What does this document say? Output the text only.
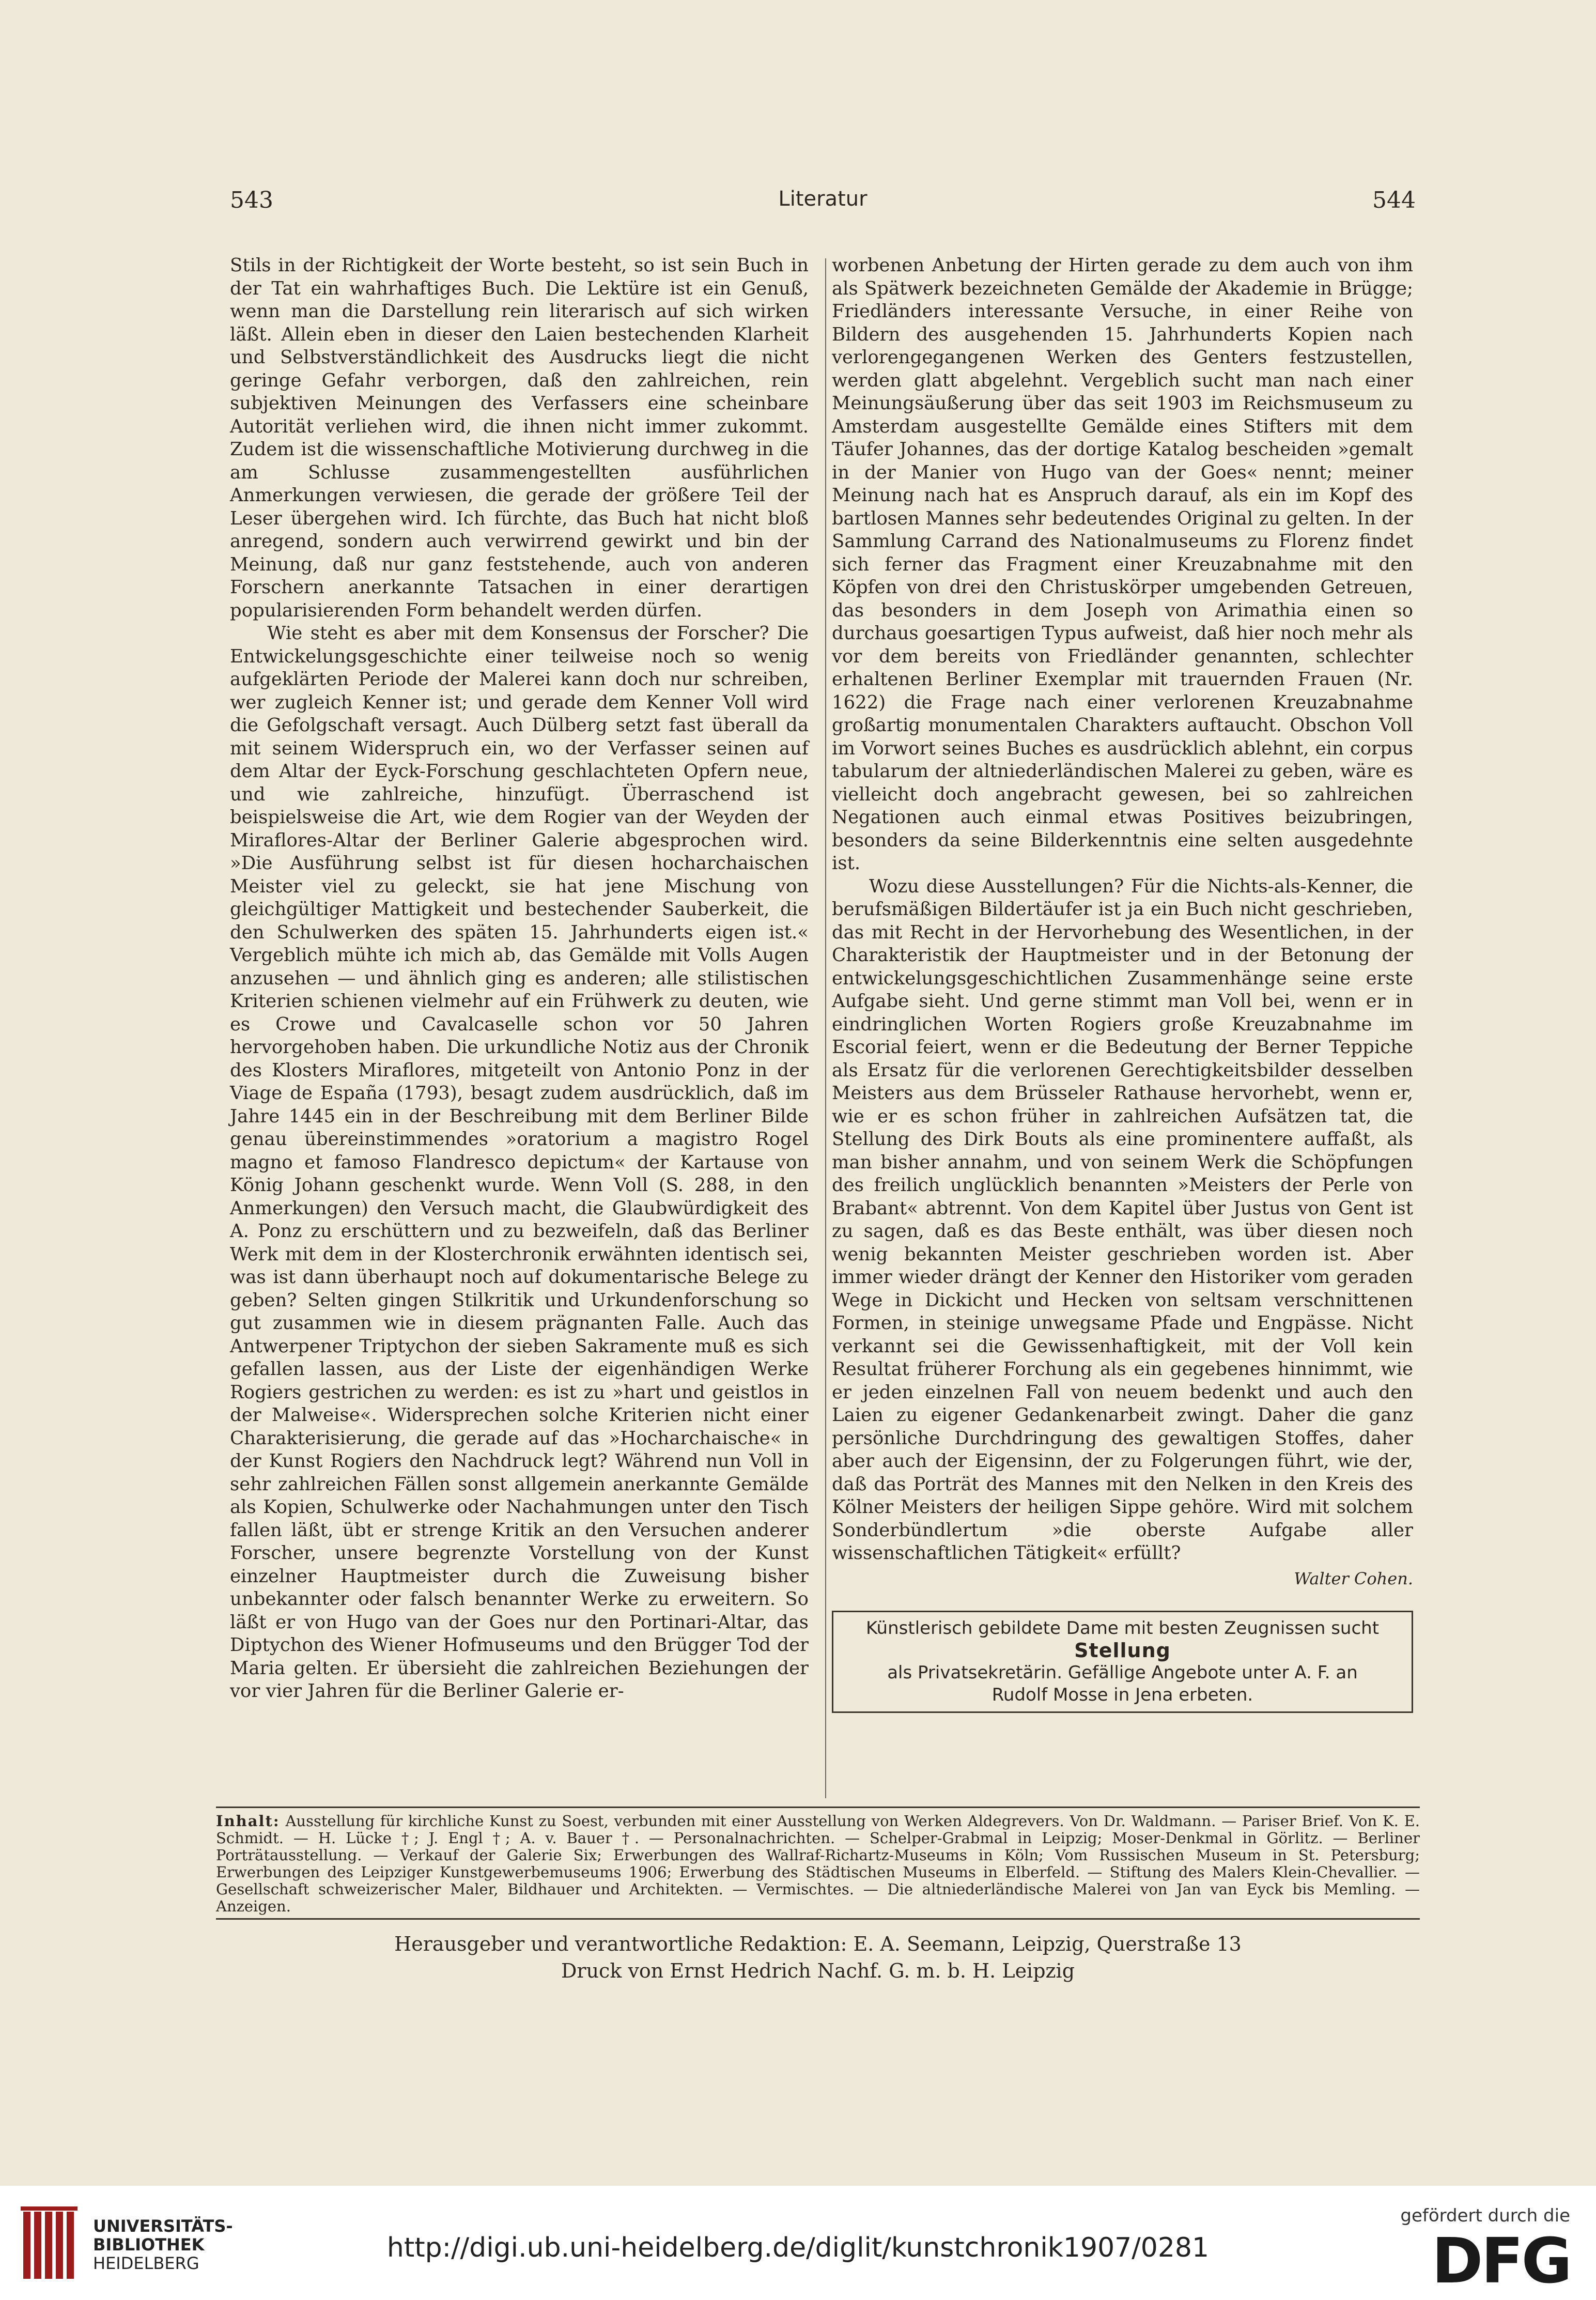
543	Literatur	544

Stils in der Richtigkeit der Worte besteht, so ist sein Buch in der Tat ein wahrhaftiges Buch. Die Lektüre ist ein Genuß, wenn man die Darstellung rein literarisch auf sich wirken läßt. Allein eben in dieser den Laien bestechenden Klarheit und Selbstverständlichkeit des Ausdrucks liegt die nicht geringe Gefahr verborgen, daß den zahlreichen, rein subjektiven Meinungen des Verfassers eine scheinbare Autorität verliehen wird, die ihnen nicht immer zukommt. Zudem ist die wissenschaftliche Motivierung durchweg in die am Schlusse zusammengestellten ausführlichen Anmerkungen verwiesen, die gerade der größere Teil der Leser übergehen wird. Ich fürchte, das Buch hat nicht bloß anregend, sondern auch verwirrend gewirkt und bin der Meinung, daß nur ganz feststehende, auch von anderen Forschern anerkannte Tatsachen in einer derartigen popularisierenden Form behandelt werden dürfen.

Wie steht es aber mit dem Konsensus der Forscher? Die Entwickelungsgeschichte einer teilweise noch so wenig aufgeklärten Periode der Malerei kann doch nur schreiben, wer zugleich Kenner ist; und gerade dem Kenner Voll wird die Gefolgschaft versagt. Auch Dülberg setzt fast überall da mit seinem Widerspruch ein, wo der Verfasser seinen auf dem Altar der Eyck-Forschung geschlachteten Opfern neue, und wie zahlreiche, hinzufügt. Überraschend ist beispielsweise die Art, wie dem Rogier van der Weyden der Miraflores-Altar der Berliner Galerie abgesprochen wird. »Die Ausführung selbst ist für diesen hocharchaischen Meister viel zu geleckt, sie hat jene Mischung von gleichgültiger Mattigkeit und bestechender Sauberkeit, die den Schulwerken des späten 15. Jahrhunderts eigen ist.« Vergeblich mühte ich mich ab, das Gemälde mit Volls Augen anzusehen — und ähnlich ging es anderen; alle stilistischen Kriterien schienen vielmehr auf ein Frühwerk zu deuten, wie es Crowe und Cavalcaselle schon vor 50 Jahren hervorgehoben haben. Die urkundliche Notiz aus der Chronik des Klosters Miraflores, mitgeteilt von Antonio Ponz in der Viage de España (1793), besagt zudem ausdrücklich, daß im Jahre 1445 ein in der Beschreibung mit dem Berliner Bilde genau übereinstimmendes »oratorium a magistro Rogel magno et famoso Flandresco depictum« der Kartause von König Johann geschenkt wurde. Wenn Voll (S. 288, in den Anmerkungen) den Versuch macht, die Glaubwürdigkeit des A. Ponz zu erschüttern und zu bezweifeln, daß das Berliner Werk mit dem in der Klosterchronik erwähnten identisch sei, was ist dann überhaupt noch auf dokumentarische Belege zu geben? Selten gingen Stilkritik und Urkundenforschung so gut zusammen wie in diesem prägnanten Falle. Auch das Antwerpener Triptychon der sieben Sakramente muß es sich gefallen lassen, aus der Liste der eigenhändigen Werke Rogiers gestrichen zu werden: es ist zu »hart und geistlos in der Malweise«. Widersprechen solche Kriterien nicht einer Charakterisierung, die gerade auf das »Hocharchaische« in der Kunst Rogiers den Nachdruck legt? Während nun Voll in sehr zahlreichen Fällen sonst allgemein anerkannte Gemälde als Kopien, Schulwerke oder Nachahmungen unter den Tisch fallen läßt, übt er strenge Kritik an den Versuchen anderer Forscher, unsere begrenzte Vorstellung von der Kunst einzelner Hauptmeister durch die Zuweisung bisher unbekannter oder falsch benannter Werke zu erweitern. So läßt er von Hugo van der Goes nur den Portinari-Altar, das Diptychon des Wiener Hofmuseums und den Brügger Tod der Maria gelten. Er übersieht die zahlreichen Beziehungen der vor vier Jahren für die Berliner Galerie er-

worbenen Anbetung der Hirten gerade zu dem auch von ihm als Spätwerk bezeichneten Gemälde der Akademie in Brügge; Friedländers interessante Versuche, in einer Reihe von Bildern des ausgehenden 15. Jahrhunderts Kopien nach verlorengegangenen Werken des Genters festzustellen, werden glatt abgelehnt. Vergeblich sucht man nach einer Meinungsäußerung über das seit 1903 im Reichsmuseum zu Amsterdam ausgestellte Gemälde eines Stifters mit dem Täufer Johannes, das der dortige Katalog bescheiden »gemalt in der Manier von Hugo van der Goes« nennt; meiner Meinung nach hat es Anspruch darauf, als ein im Kopf des bartlosen Mannes sehr bedeutendes Original zu gelten. In der Sammlung Carrand des Nationalmuseums zu Florenz findet sich ferner das Fragment einer Kreuzabnahme mit den Köpfen von drei den Christuskörper umgebenden Getreuen, das besonders in dem Joseph von Arimathia einen so durchaus goesartigen Typus aufweist, daß hier noch mehr als vor dem bereits von Friedländer genannten, schlechter erhaltenen Berliner Exemplar mit trauernden Frauen (Nr. 1622) die Frage nach einer verlorenen Kreuzabnahme großartig monumentalen Charakters auftaucht. Obschon Voll im Vorwort seines Buches es ausdrücklich ablehnt, ein corpus tabularum der altniederländischen Malerei zu geben, wäre es vielleicht doch angebracht gewesen, bei so zahlreichen Negationen auch einmal etwas Positives beizubringen, besonders da seine Bilderkenntnis eine selten ausgedehnte ist.

Wozu diese Ausstellungen? Für die Nichts-als-Kenner, die berufsmäßigen Bildertäufer ist ja ein Buch nicht geschrieben, das mit Recht in der Hervorhebung des Wesentlichen, in der Charakteristik der Hauptmeister und in der Betonung der entwickelungsgeschichtlichen Zusammenhänge seine erste Aufgabe sieht. Und gerne stimmt man Voll bei, wenn er in eindringlichen Worten Rogiers große Kreuzabnahme im Escorial feiert, wenn er die Bedeutung der Berner Teppiche als Ersatz für die verlorenen Gerechtigkeitsbilder desselben Meisters aus dem Brüsseler Rathause hervorhebt, wenn er, wie er es schon früher in zahlreichen Aufsätzen tat, die Stellung des Dirk Bouts als eine prominentere auffaßt, als man bisher annahm, und von seinem Werk die Schöpfungen des freilich unglücklich benannten »Meisters der Perle von Brabant« abtrennt. Von dem Kapitel über Justus von Gent ist zu sagen, daß es das Beste enthält, was über diesen noch wenig bekannten Meister geschrieben worden ist. Aber immer wieder drängt der Kenner den Historiker vom geraden Wege in Dickicht und Hecken von seltsam verschnittenen Formen, in steinige unwegsame Pfade und Engpässe. Nicht verkannt sei die Gewissenhaftigkeit, mit der Voll kein Resultat früherer Forchung als ein gegebenes hinnimmt, wie er jeden einzelnen Fall von neuem bedenkt und auch den Laien zu eigener Gedankenarbeit zwingt. Daher die ganz persönliche Durchdringung des gewaltigen Stoffes, daher aber auch der Eigensinn, der zu Folgerungen führt, wie der, daß das Porträt des Mannes mit den Nelken in den Kreis des Kölner Meisters der heiligen Sippe gehöre. Wird mit solchem Sonderbündlertum »die oberste Aufgabe aller wissenschaftlichen Tätigkeit« erfüllt?

Walter Cohen.
Künstlerisch gebildete Dame mit besten Zeugnissen sucht
Stellung
als Privatsekretärin. Gefällige Angebote unter A. F. an
Rudolf Mosse in Jena erbeten.
Inhalt: Ausstellung für kirchliche Kunst zu Soest, verbunden mit einer Ausstellung von Werken Aldegrevers. Von Dr. Waldmann. — Pariser Brief. Von K. E. Schmidt. — H. Lücke †; J. Engl †; A. v. Bauer †. — Personalnachrichten. — Schelper-Grabmal in Leipzig; Moser-Denkmal in Görlitz. — Berliner Porträtausstellung. — Verkauf der Galerie Six; Erwerbungen des Wallraf-Richartz-Museums in Köln; Vom Russischen Museum in St. Petersburg; Erwerbungen des Leipziger Kunstgewerbemuseums 1906; Erwerbung des Städtischen Museums in Elberfeld. — Stiftung des Malers Klein-Chevallier. — Gesellschaft schweizerischer Maler, Bildhauer und Architekten. — Vermischtes. — Die altniederländische Malerei von Jan van Eyck bis Memling. — Anzeigen.
Herausgeber und verantwortliche Redaktion: E. A. Seemann, Leipzig, Querstraße 13
Druck von Ernst Hedrich Nachf. G. m. b. H. Leipzig
UNIVERSITÄTS-
BIBLIOTHEK
HEIDELBERG	http://digi.ub.uni-heidelberg.de/diglit/kunstchronik1907/0281
gefördert durch die
DFG
